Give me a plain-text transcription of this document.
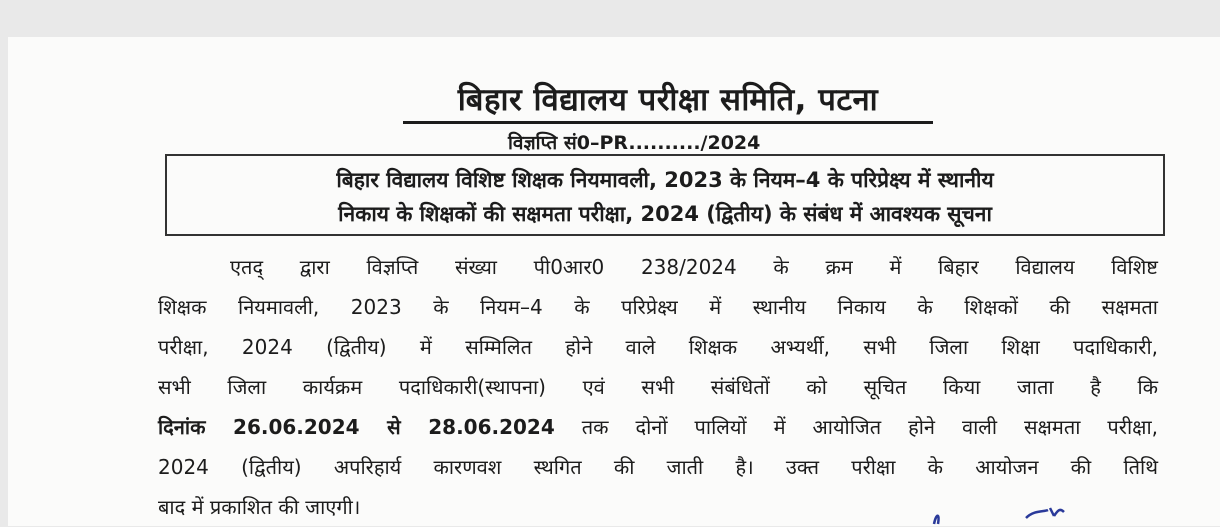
बिहार विद्यालय परीक्षा समिति, पटना
विज्ञप्ति सं0–PR........../2024
बिहार विद्यालय विशिष्ट शिक्षक नियमावली, 2023 के नियम–4 के परिप्रेक्ष्य में स्थानीय
निकाय के शिक्षकों की सक्षमता परीक्षा, 2024 (द्वितीय) के संबंध में आवश्यक सूचना
एतद् द्वारा विज्ञप्ति संख्या पी0आर0 238/2024 के क्रम में बिहार विद्यालय विशिष्ट
शिक्षक नियमावली, 2023 के नियम–4 के परिप्रेक्ष्य में स्थानीय निकाय के शिक्षकों की सक्षमता
परीक्षा, 2024 (द्वितीय) में सम्मिलित होने वाले शिक्षक अभ्यर्थी, सभी जिला शिक्षा पदाधिकारी,
सभी जिला कार्यक्रम पदाधिकारी(स्थापना) एवं सभी संबंधितों को सूचित किया जाता है कि
दिनांक 26.06.2024 से 28.06.2024 तक दोनों पालियों में आयोजित होने वाली सक्षमता परीक्षा,
2024 (द्वितीय) अपरिहार्य कारणवश स्थगित की जाती है। उक्त परीक्षा के आयोजन की तिथि
बाद में प्रकाशित की जाएगी।
